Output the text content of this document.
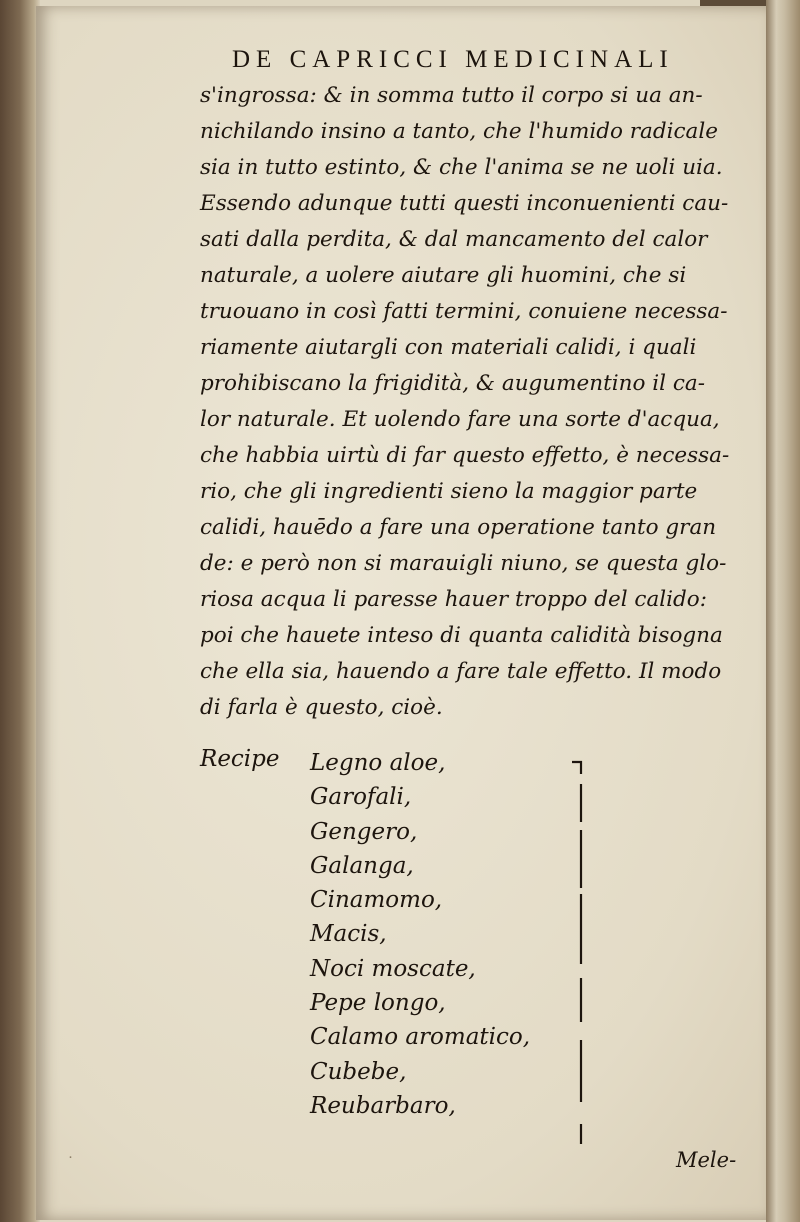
DE CAPRICCI MEDICINALI
s'ingrossa: & in somma tutto il corpo si ua an-
nichilando insino a tanto, che l'humido radicale
sia in tutto estinto, & che l'anima se ne uoli uia.
Essendo adunque tutti questi inconuenienti cau-
sati dalla perdita, & dal mancamento del calor
naturale, a uolere aiutare gli huomini, che si
truouano in così fatti termini, conuiene necessa-
riamente aiutargli con materiali calidi, i quali
prohibiscano la frigidità, & augumentino il ca-
lor naturale. Et uolendo fare una sorte d'acqua,
che habbia uirtù di far questo effetto, è necessa-
rio, che gli ingredienti sieno la maggior parte
calidi, hauēdo a fare una operatione tanto gran
de: e però non si marauigli niuno, se questa glo-
riosa acqua li paresse hauer troppo del calido:
poi che hauete inteso di quanta calidità bisogna
che ella sia, hauendo a fare tale effetto. Il modo
di farla è questo, cioè.
Recipe Legno aloe,
Garofali,
Gengero,
Galanga,
Cinamomo,
Macis,
Noci moscate,
Pepe longo,
Calamo aromatico,
Cubebe,
Reubarbaro,
Mele-
·
